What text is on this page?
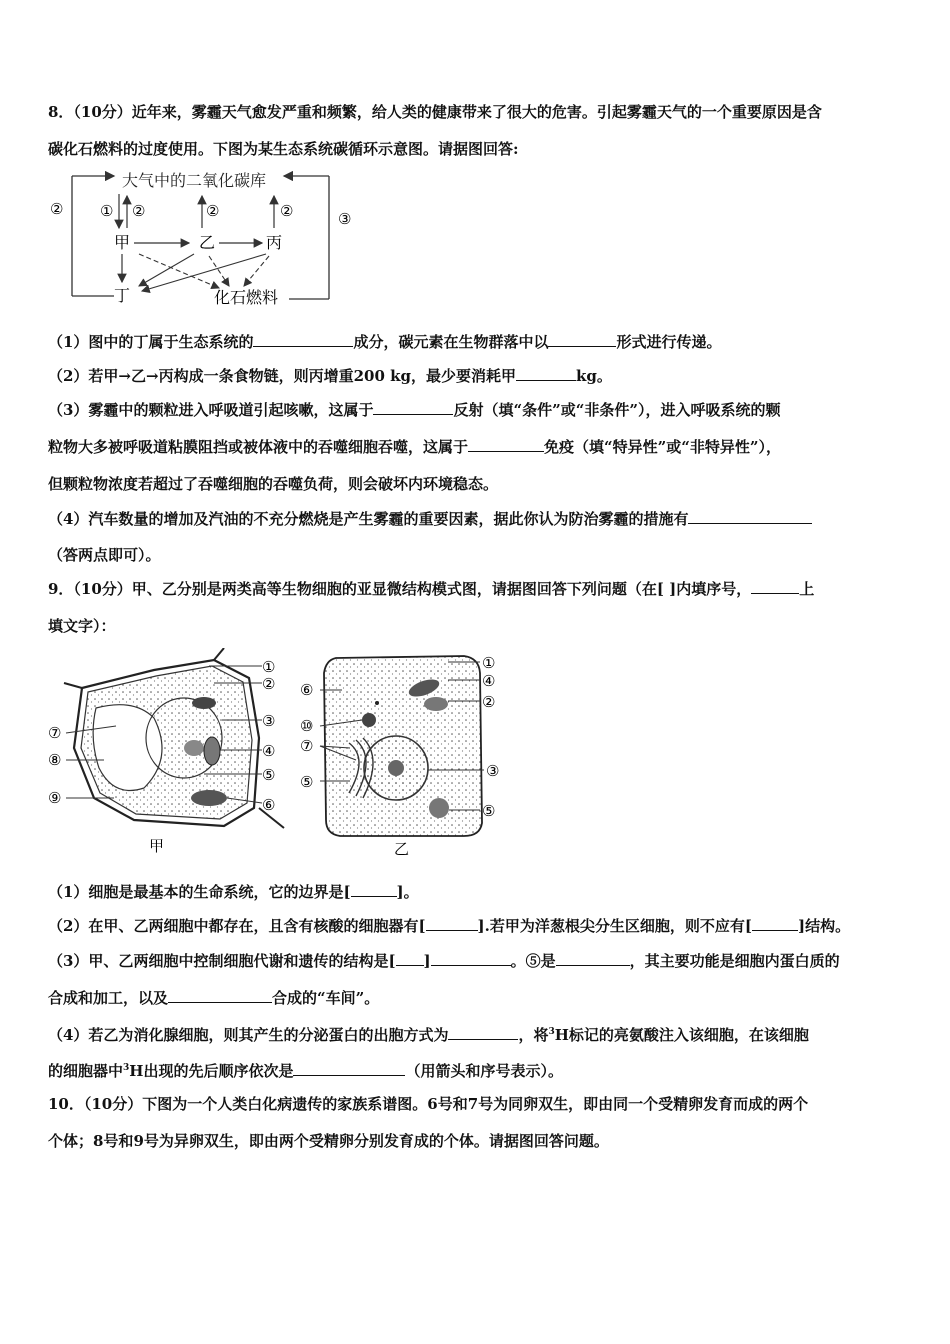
8．（10分）近年来，雾霾天气愈发严重和频繁，给人类的健康带来了很大的危害。引起雾霾天气的一个重要原因是含
碳化石燃料的过度使用。下图为某生态系统碳循环示意图。请据图回答:
大气中的二氧化碳库
② ① ②	②	②	③
甲	乙	丙
丁	化石燃料
（1）图中的丁属于生态系统的	成分，碳元素在生物群落中以	形式进行传递。
（2）若甲→乙→丙构成一条食物链，则丙增重200 kg，最少要消耗甲	kg。
（3）雾霾中的颗粒进入呼吸道引起咳嗽，这属于	反射（填“条件”或“非条件”），进入呼吸系统的颗
粒物大多被呼吸道粘膜阻挡或被体液中的吞噬细胞吞噬，这属于	免疫（填“特异性”或“非特异性”），
但颗粒物浓度若超过了吞噬细胞的吞噬负荷，则会破坏内环境稳态。
（4）汽车数量的增加及汽油的不充分燃烧是产生雾霾的重要因素，据此你认为防治雾霾的措施有
（答两点即可）。
9．（10分）甲、乙分别是两类高等生物细胞的亚显微结构模式图，请据图回答下列问题（在[ ]内填序号，	上
填文字）：
①
②
③
④
⑤
⑥
⑦
⑧
⑨
甲
①
④
②
③
⑤
⑥
⑩
⑦
⑤
乙
（1）细胞是最基本的生命系统，它的边界是[	]。
（2）在甲、乙两细胞中都存在，且含有核酸的细胞器有[	].若甲为洋葱根尖分生区细胞，则不应有[	]结构。
（3）甲、乙两细胞中控制细胞代谢和遗传的结构是[ ]	。⑤是	，其主要功能是细胞内蛋白质的
合成和加工，以及	合成的“车间”。
（4）若乙为消化腺细胞，则其产生的分泌蛋白的出胞方式为	，将$^3$H标记的亮氨酸注入该细胞，在该细胞
的细胞器中$^3$H出现的先后顺序依次是	（用箭头和序号表示）。
10．（10分）下图为一个人类白化病遗传的家族系谱图。6号和7号为同卵双生，即由同一个受精卵发育而成的两个
个体；8号和9号为异卵双生，即由两个受精卵分别发育成的个体。请据图回答问题。
